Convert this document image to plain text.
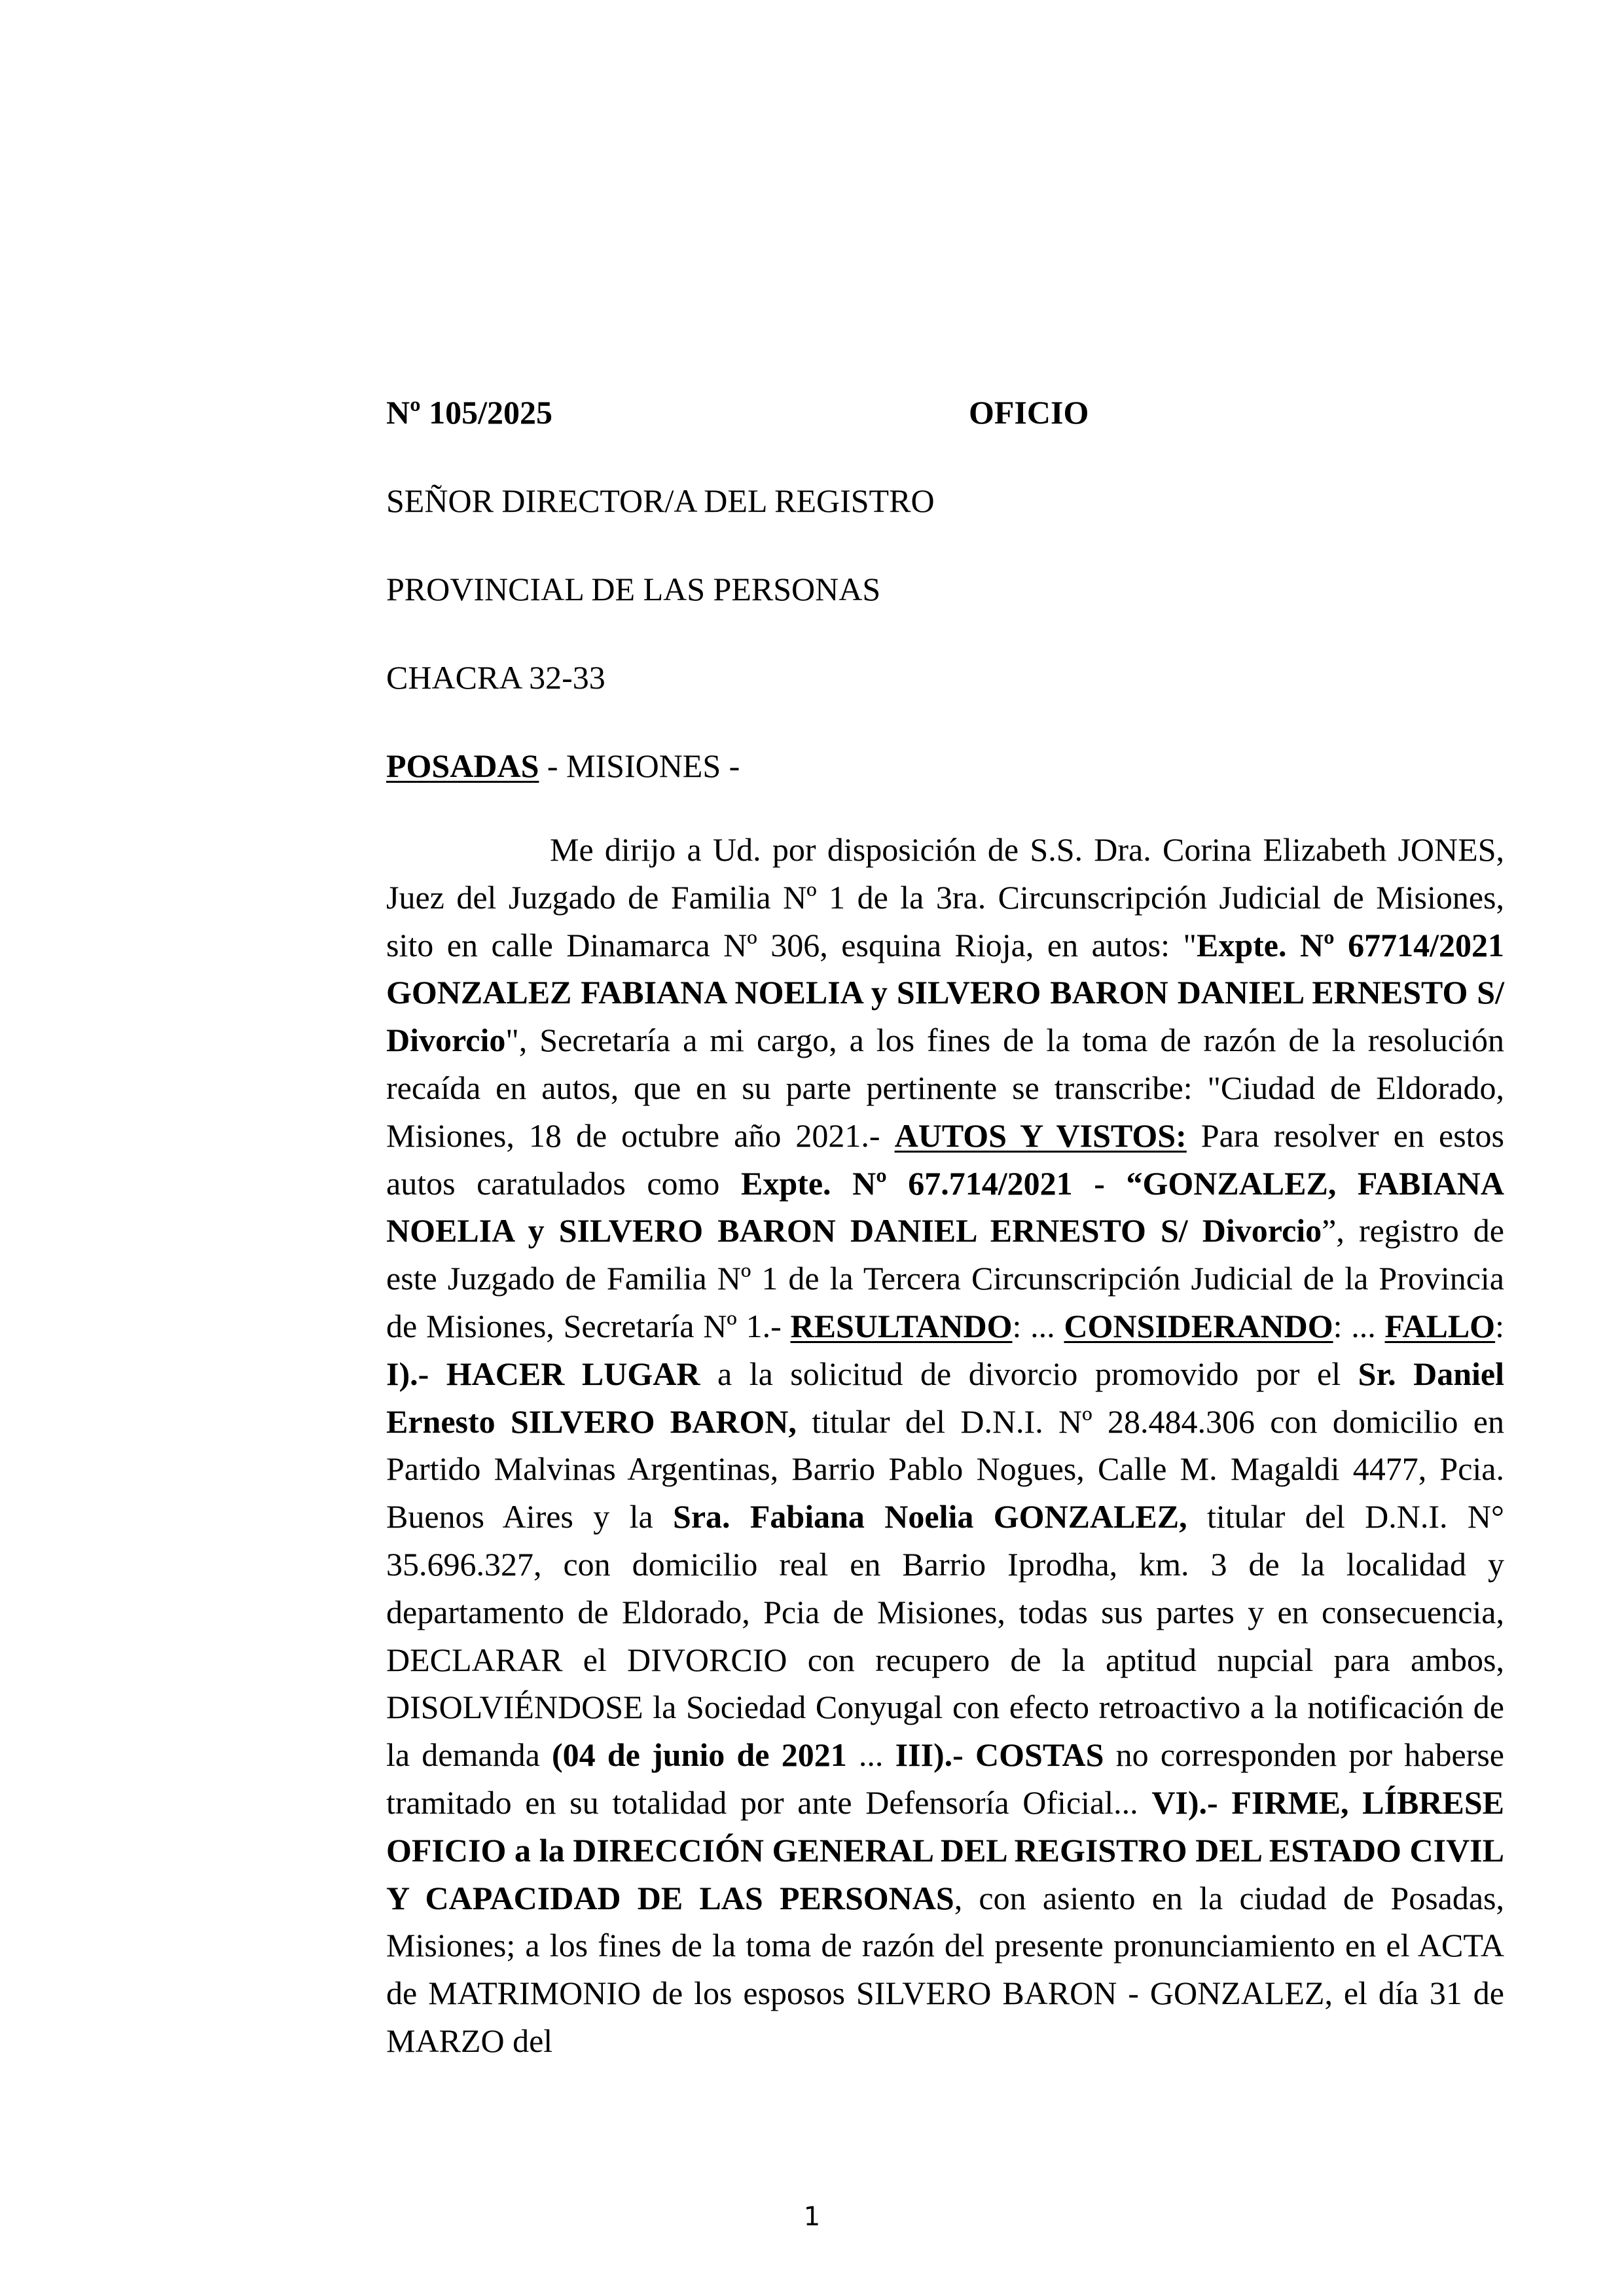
Nº 105/2025	OFICIO
SEÑOR DIRECTOR/A DEL REGISTRO
PROVINCIAL DE LAS PERSONAS
CHACRA 32-33
POSADAS - MISIONES -

Me dirijo a Ud. por disposición de S.S. Dra. Corina Elizabeth JONES, Juez del Juzgado de Familia Nº 1 de la 3ra. Circunscripción Judicial de Misiones, sito en calle Dinamarca Nº 306, esquina Rioja, en autos: "Expte. Nº 67714/2021 GONZALEZ FABIANA NOELIA y SILVERO BARON DANIEL ERNESTO S/ Divorcio", Secretaría a mi cargo, a los fines de la toma de razón de la resolución recaída en autos, que en su parte pertinente se transcribe: "Ciudad de Eldorado, Misiones, 18 de octubre año 2021.- AUTOS Y VISTOS: Para resolver en estos autos caratulados como Expte. Nº 67.714/2021 - “GONZALEZ, FABIANA NOELIA y SILVERO BARON DANIEL ERNESTO S/ Divorcio”, registro de este Juzgado de Familia Nº 1 de la Tercera Circunscripción Judicial de la Provincia de Misiones, Secretaría Nº 1.- RESULTANDO: ... CONSIDERANDO: ... FALLO: I).- HACER LUGAR a la solicitud de divorcio promovido por el Sr. Daniel Ernesto SILVERO BARON, titular del D.N.I. Nº 28.484.306 con domicilio en Partido Malvinas Argentinas, Barrio Pablo Nogues, Calle M. Magaldi 4477, Pcia. Buenos Aires y la Sra. Fabiana Noelia GONZALEZ, titular del D.N.I. N° 35.696.327, con domicilio real en Barrio Iprodha, km. 3 de la localidad y departamento de Eldorado, Pcia de Misiones, todas sus partes y en consecuencia, DECLARAR el DIVORCIO con recupero de la aptitud nupcial para ambos, DISOLVIÉNDOSE la Sociedad Conyugal con efecto retroactivo a la notificación de la demanda (04 de junio de 2021 ... III).- COSTAS no corresponden por haberse tramitado en su totalidad por ante Defensoría Oficial... VI).- FIRME, LÍBRESE OFICIO a la DIRECCIÓN GENERAL DEL REGISTRO DEL ESTADO CIVIL Y CAPACIDAD DE LAS PERSONAS, con asiento en la ciudad de Posadas, Misiones; a los fines de la toma de razón del presente pronunciamiento en el ACTA de MATRIMONIO de los esposos SILVERO BARON - GONZALEZ, el día 31 de MARZO del

1
